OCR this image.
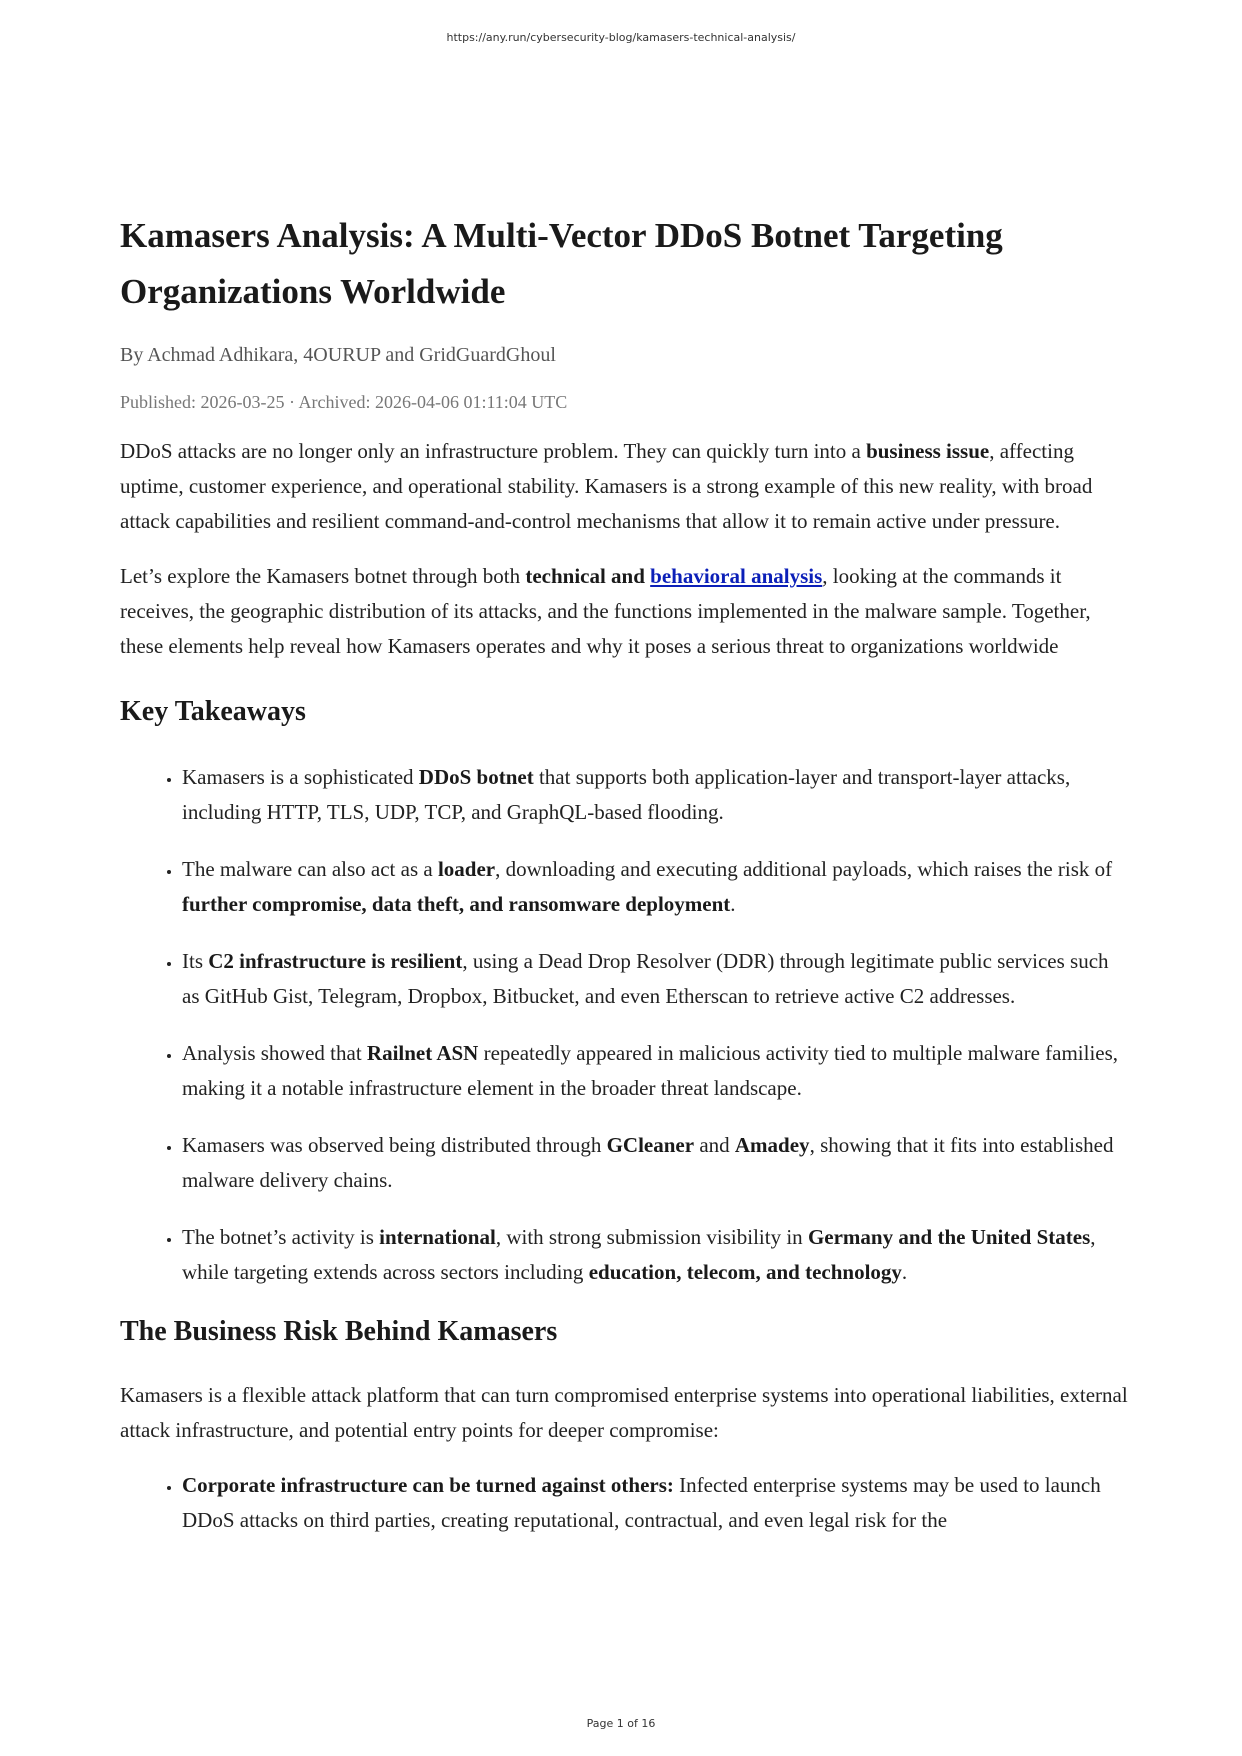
https://any.run/cybersecurity-blog/kamasers-technical-analysis/
Kamasers Analysis: A Multi-Vector DDoS Botnet Targeting Organizations Worldwide

By Achmad Adhikara, 4OURUP and GridGuardGhoul

Published: 2026-03-25 · Archived: 2026-04-06 01:11:04 UTC

DDoS attacks are no longer only an infrastructure problem. They can quickly turn into a business issue, affecting uptime, customer experience, and operational stability. Kamasers is a strong example of this new reality, with broad attack capabilities and resilient command-and-control mechanisms that allow it to remain active under pressure.

Let’s explore the Kamasers botnet through both technical and behavioral analysis, looking at the commands it receives, the geographic distribution of its attacks, and the functions implemented in the malware sample. Together, these elements help reveal how Kamasers operates and why it poses a serious threat to organizations worldwide

Key Takeaways
• Kamasers is a sophisticated DDoS botnet that supports both application-layer and transport-layer attacks, including HTTP, TLS, UDP, TCP, and GraphQL-based flooding.
• The malware can also act as a loader, downloading and executing additional payloads, which raises the risk of further compromise, data theft, and ransomware deployment.
• Its C2 infrastructure is resilient, using a Dead Drop Resolver (DDR) through legitimate public services such as GitHub Gist, Telegram, Dropbox, Bitbucket, and even Etherscan to retrieve active C2 addresses.
• Analysis showed that Railnet ASN repeatedly appeared in malicious activity tied to multiple malware families, making it a notable infrastructure element in the broader threat landscape.
• Kamasers was observed being distributed through GCleaner and Amadey, showing that it fits into established malware delivery chains.
• The botnet’s activity is international, with strong submission visibility in Germany and the United States, while targeting extends across sectors including education, telecom, and technology.
The Business Risk Behind Kamasers

Kamasers is a flexible attack platform that can turn compromised enterprise systems into operational liabilities, external attack infrastructure, and potential entry points for deeper compromise:

• Corporate infrastructure can be turned against others: Infected enterprise systems may be used to launch DDoS attacks on third parties, creating reputational, contractual, and even legal risk for the
Page 1 of 16
